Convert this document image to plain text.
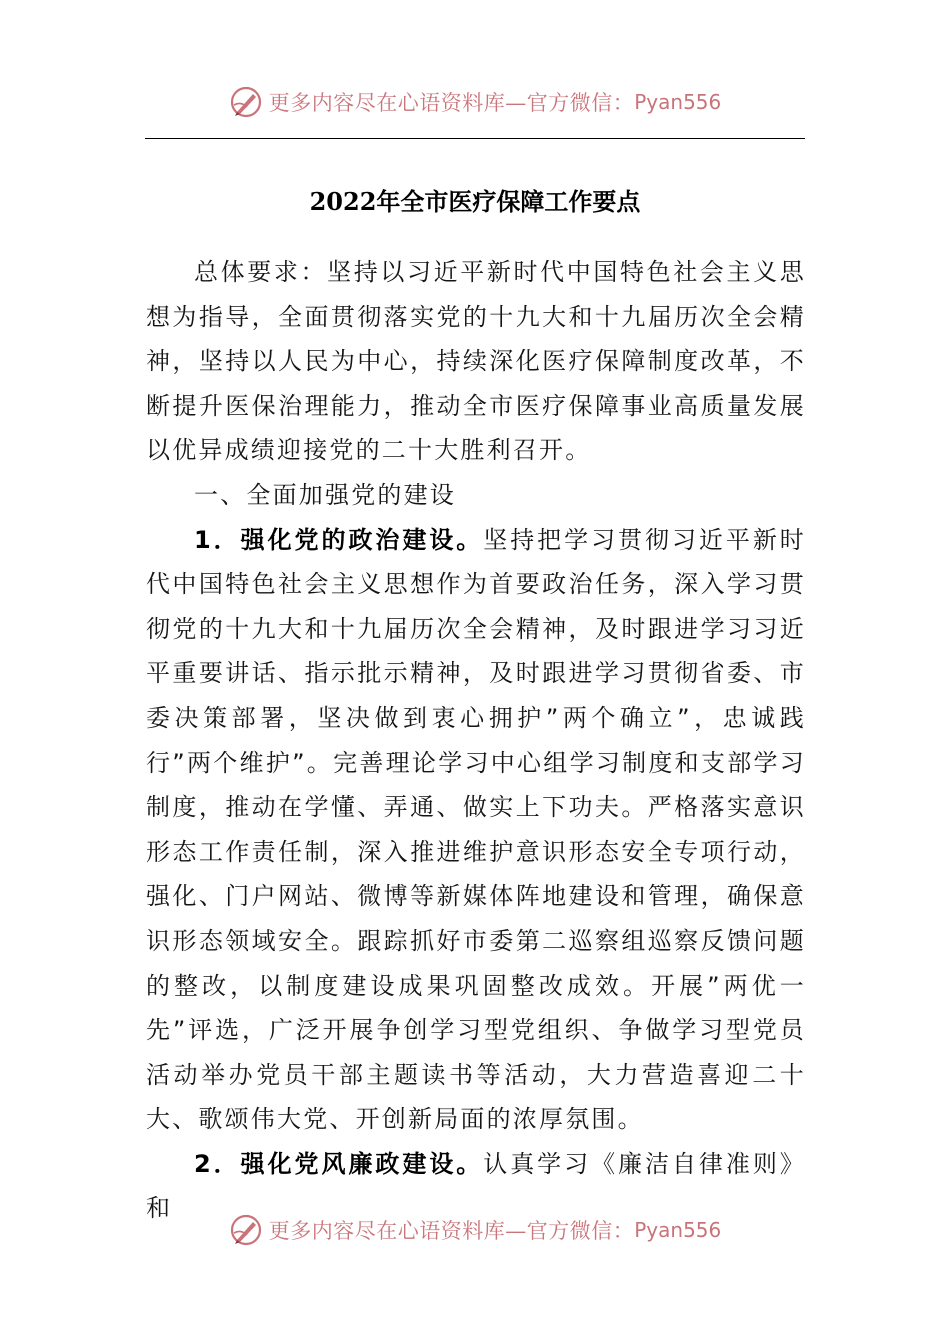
更多内容尽在心语资料库—官方微信： Pyan556
2022年全市医疗保障工作要点

总体要求：坚持以习近平新时代中国特色社会主义思想为指导，全面贯彻落实党的十九大和十九届历次全会精神，坚持以人民为中心，持续深化医疗保障制度改革，不断提升医保治理能力，推动全市医疗保障事业高质量发展以优异成绩迎接党的二十大胜利召开。

一、全面加强党的建设

1．强化党的政治建设。坚持把学习贯彻习近平新时代中国特色社会主义思想作为首要政治任务，深入学习贯彻党的十九大和十九届历次全会精神，及时跟进学习习近平重要讲话、指示批示精神，及时跟进学习贯彻省委、市委决策部署，坚决做到衷心拥护”两个确立”，忠诚践行”两个维护”。完善理论学习中心组学习制度和支部学习制度，推动在学懂、弄通、做实上下功夫。严格落实意识形态工作责任制，深入推进维护意识形态安全专项行动，强化、门户网站、微博等新媒体阵地建设和管理，确保意识形态领域安全。跟踪抓好市委第二巡察组巡察反馈问题的整改，以制度建设成果巩固整改成效。开展”两优一先”评选，广泛开展争创学习型党组织、争做学习型党员活动举办党员干部主题读书等活动，大力营造喜迎二十大、歌颂伟大党、开创新局面的浓厚氛围。

2．强化党风廉政建设。认真学习《廉洁自律准则》和

更多内容尽在心语资料库—官方微信： Pyan556
